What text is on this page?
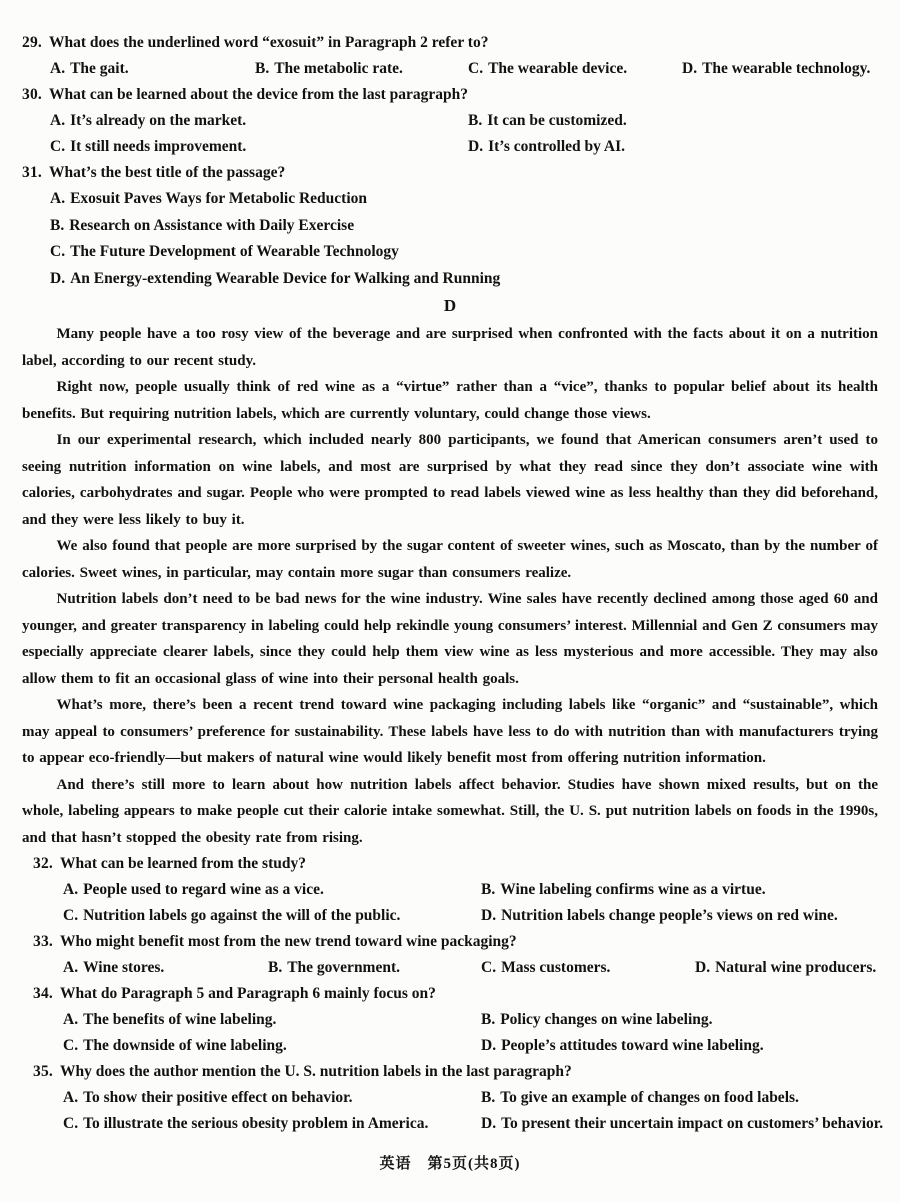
29. What does the underlined word “exosuit” in Paragraph 2 refer to?
A. The gait.	B. The metabolic rate.	C. The wearable device.	D. The wearable technology.
30. What can be learned about the device from the last paragraph?
A. It’s already on the market.	B. It can be customized.
C. It still needs improvement.	D. It’s controlled by AI.
31. What’s the best title of the passage?
A. Exosuit Paves Ways for Metabolic Reduction
B. Research on Assistance with Daily Exercise
C. The Future Development of Wearable Technology
D. An Energy-extending Wearable Device for Walking and Running
D

Many people have a too rosy view of the beverage and are surprised when confronted with the facts about it on a nutrition label, according to our recent study.

Right now, people usually think of red wine as a “virtue” rather than a “vice”, thanks to popular belief about its health benefits. But requiring nutrition labels, which are currently voluntary, could change those views.

In our experimental research, which included nearly 800 participants, we found that American consumers aren’t used to seeing nutrition information on wine labels, and most are surprised by what they read since they don’t associate wine with calories, carbohydrates and sugar. People who were prompted to read labels viewed wine as less healthy than they did beforehand, and they were less likely to buy it.

We also found that people are more surprised by the sugar content of sweeter wines, such as Moscato, than by the number of calories. Sweet wines, in particular, may contain more sugar than consumers realize.

Nutrition labels don’t need to be bad news for the wine industry. Wine sales have recently declined among those aged 60 and younger, and greater transparency in labeling could help rekindle young consumers’ interest. Millennial and Gen Z consumers may especially appreciate clearer labels, since they could help them view wine as less mysterious and more accessible. They may also allow them to fit an occasional glass of wine into their personal health goals.

What’s more, there’s been a recent trend toward wine packaging including labels like “organic” and “sustainable”, which may appeal to consumers’ preference for sustainability. These labels have less to do with nutrition than with manufacturers trying to appear eco-friendly—but makers of natural wine would likely benefit most from offering nutrition information.

And there’s still more to learn about how nutrition labels affect behavior. Studies have shown mixed results, but on the whole, labeling appears to make people cut their calorie intake somewhat. Still, the U. S. put nutrition labels on foods in the 1990s, and that hasn’t stopped the obesity rate from rising.

32. What can be learned from the study?
A. People used to regard wine as a vice.	B. Wine labeling confirms wine as a virtue.
C. Nutrition labels go against the will of the public.	D. Nutrition labels change people’s views on red wine.
33. Who might benefit most from the new trend toward wine packaging?
A. Wine stores.	B. The government.	C. Mass customers.	D. Natural wine producers.
34. What do Paragraph 5 and Paragraph 6 mainly focus on?
A. The benefits of wine labeling.	B. Policy changes on wine labeling.
C. The downside of wine labeling.	D. People’s attitudes toward wine labeling.
35. Why does the author mention the U. S. nutrition labels in the last paragraph?
A. To show their positive effect on behavior.	B. To give an example of changes on food labels.
C. To illustrate the serious obesity problem in America.	D. To present their uncertain impact on customers’ behavior.
英语　第5页(共8页)
